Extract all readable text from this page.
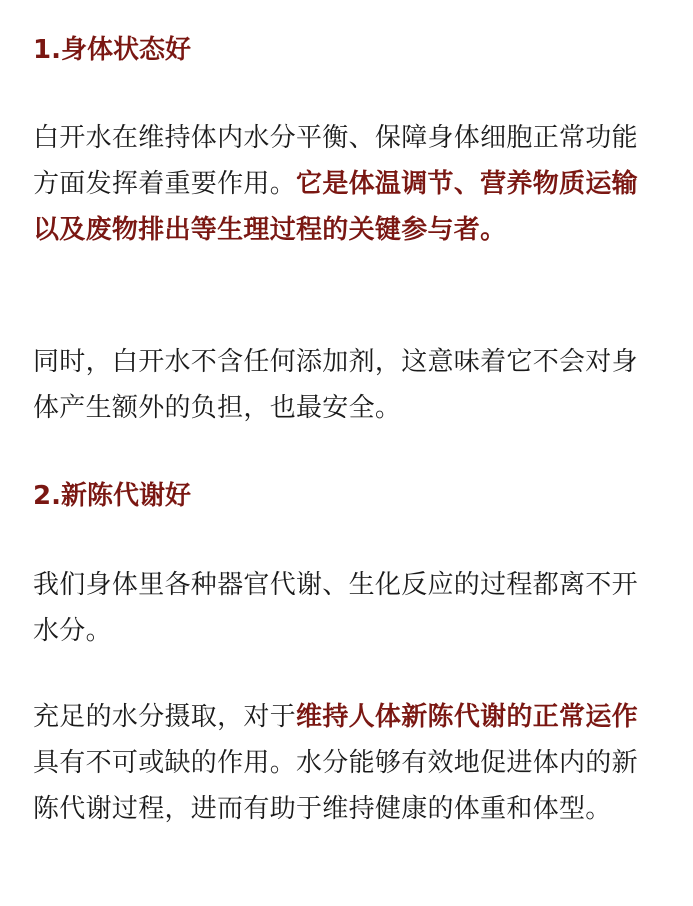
1.身体状态好

白开水在维持体内水分平衡、保障身体细胞正常功能方面发挥着重要作用。它是体温调节、营养物质运输以及废物排出等生理过程的关键参与者。

同时，白开水不含任何添加剂，这意味着它不会对身体产生额外的负担，也最安全。

2.新陈代谢好

我们身体里各种器官代谢、生化反应的过程都离不开水分。

充足的水分摄取，对于维持人体新陈代谢的正常运作具有不可或缺的作用。水分能够有效地促进体内的新陈代谢过程，进而有助于维持健康的体重和体型。
